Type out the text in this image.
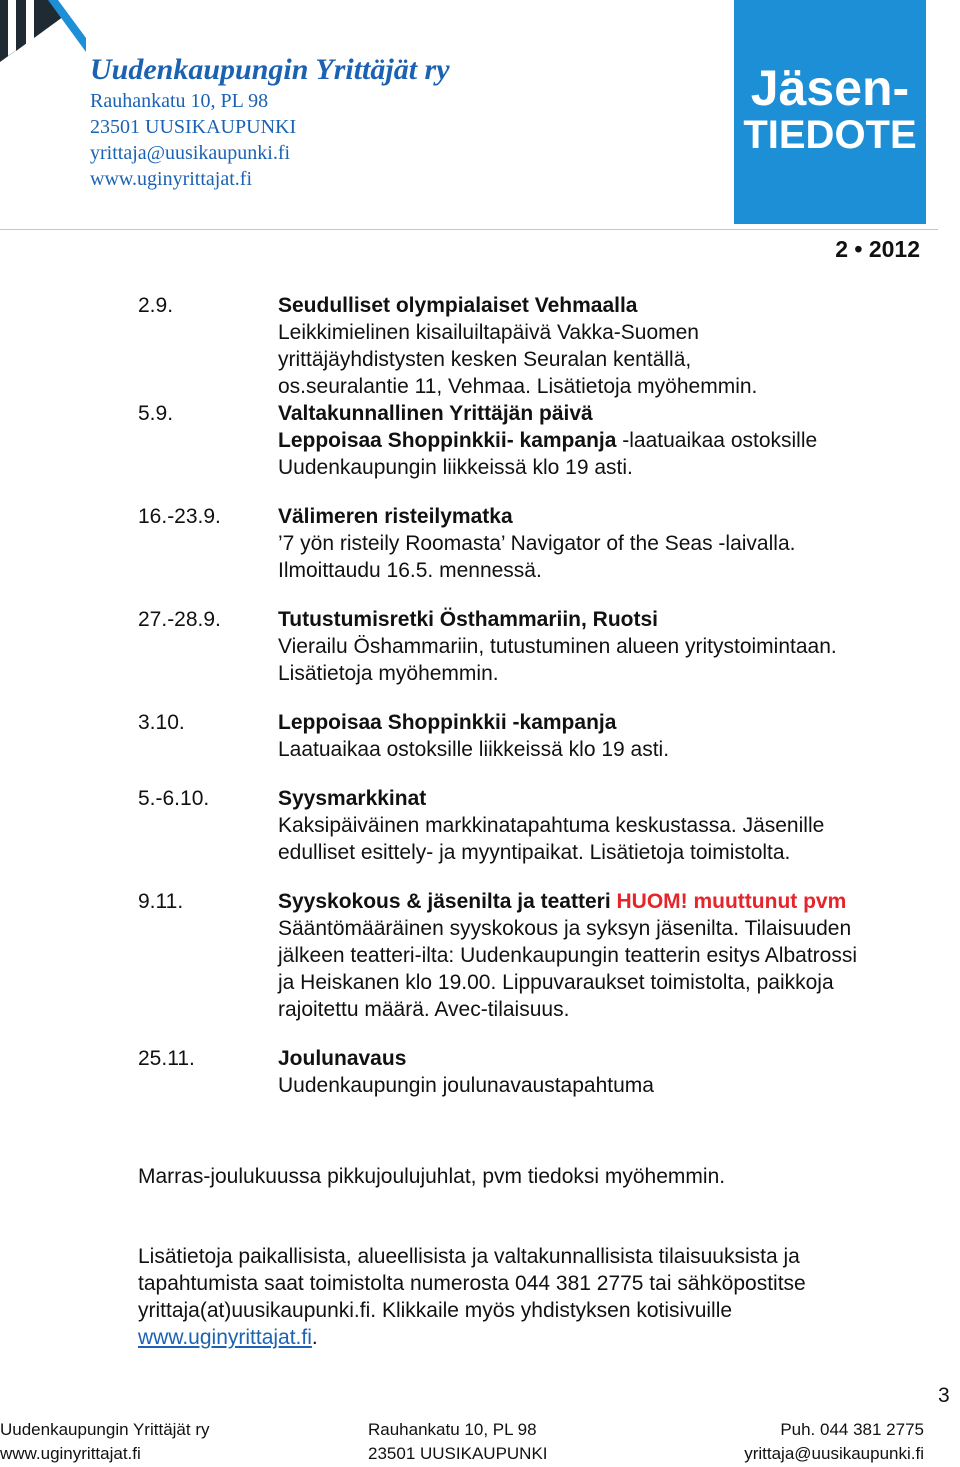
Uudenkaupungin Yrittäjät ry
Rauhankatu 10, PL 98
23501 UUSIKAUPUNKI
yrittaja@uusikaupunki.fi
www.uginyrittajat.fi
Jäsen-
TIEDOTE
2 • 2012
2.9.	Seudulliset olympialaiset Vehmaalla
Leikkimielinen kisailuiltapäivä Vakka-Suomen
yrittäjäyhdistysten kesken Seuralan kentällä,
os.seuralantie 11, Vehmaa. Lisätietoja myöhemmin.
5.9.	Valtakunnallinen Yrittäjän päivä
Leppoisaa Shoppinkkii- kampanja -laatuaikaa ostoksille
Uudenkaupungin liikkeissä klo 19 asti.
16.-23.9.	Välimeren risteilymatka
’7 yön risteily Roomasta’ Navigator of the Seas -laivalla.
Ilmoittaudu 16.5. mennessä.
27.-28.9.	Tutustumisretki Östhammariin, Ruotsi
Vierailu Öshammariin, tutustuminen alueen yritystoimintaan.
Lisätietoja myöhemmin.
3.10.	Leppoisaa Shoppinkkii -kampanja
Laatuaikaa ostoksille liikkeissä klo 19 asti.
5.-6.10.	Syysmarkkinat
Kaksipäiväinen markkinatapahtuma keskustassa. Jäsenille
edulliset esittely- ja myyntipaikat. Lisätietoja toimistolta.
9.11.	Syyskokous & jäsenilta ja teatteri HUOM! muuttunut pvm
Sääntömääräinen syyskokous ja syksyn jäsenilta. Tilaisuuden
jälkeen teatteri-ilta: Uudenkaupungin teatterin esitys Albatrossi
ja Heiskanen klo 19.00. Lippuvaraukset toimistolta, paikkoja
rajoitettu määrä. Avec-tilaisuus.
25.11.	Joulunavaus
Uudenkaupungin joulunavaustapahtuma
Marras-joulukuussa pikkujoulujuhlat, pvm tiedoksi myöhemmin.
Lisätietoja paikallisista, alueellisista ja valtakunnallisista tilaisuuksista ja
tapahtumista saat toimistolta numerosta 044 381 2775 tai sähköpostitse
yrittaja(at)uusikaupunki.fi. Klikkaile myös yhdistyksen kotisivuille
www.uginyrittajat.fi.
3
Uudenkaupungin Yrittäjät ry
www.uginyrittajat.fi
Rauhankatu 10, PL 98
23501 UUSIKAUPUNKI
Puh. 044 381 2775
yrittaja@uusikaupunki.fi
